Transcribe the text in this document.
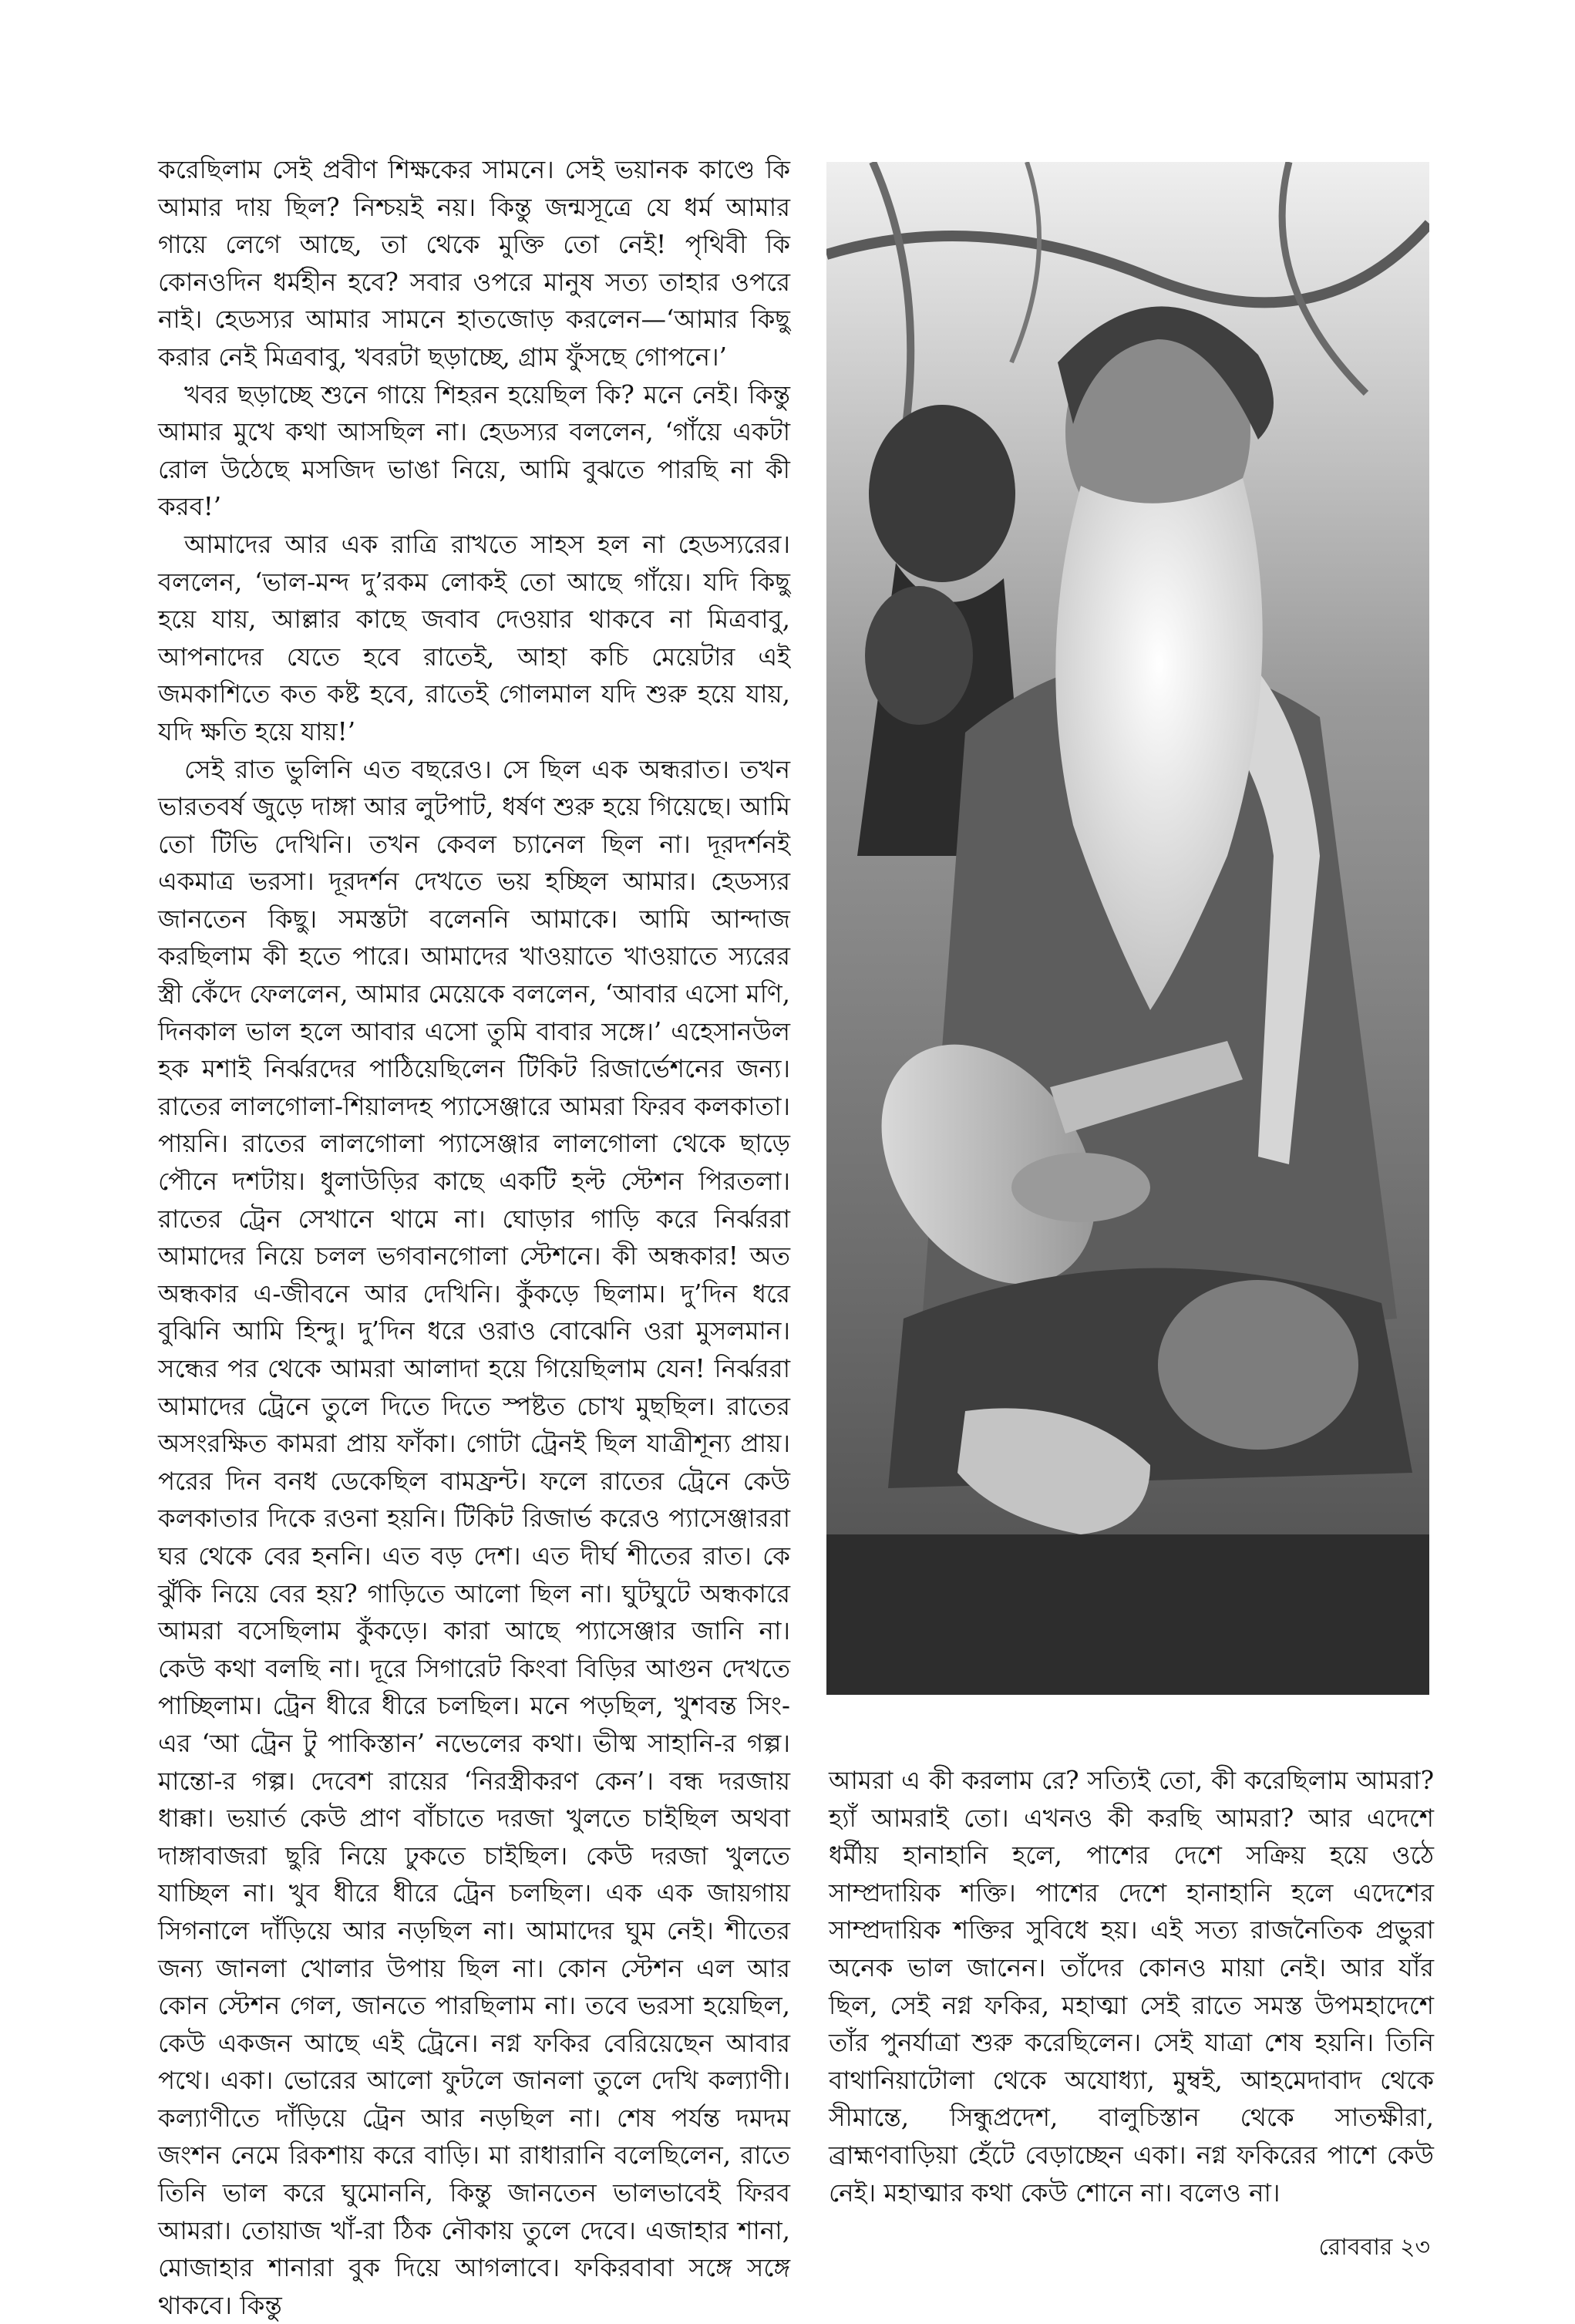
করেছিলাম সেই প্রবীণ শিক্ষকের সামনে। সেই ভয়ানক কাণ্ডে কি আমার দায় ছিল? নিশ্চয়ই নয়। কিন্তু জন্মসূত্রে যে ধর্ম আমার গায়ে লেগে আছে, তা থেকে মুক্তি তো নেই! পৃথিবী কি কোনওদিন ধর্মহীন হবে? সবার ওপরে মানুষ সত্য তাহার ওপরে নাই। হেডস্যর আমার সামনে হাতজোড় করলেন—‘আমার কিছু করার নেই মিত্রবাবু, খবরটা ছড়াচ্ছে, গ্রাম ফুঁসছে গোপনে।’

খবর ছড়াচ্ছে শুনে গায়ে শিহরন হয়েছিল কি? মনে নেই। কিন্তু আমার মুখে কথা আসছিল না। হেডস্যর বললেন, ‘গাঁয়ে একটা রোল উঠেছে মসজিদ ভাঙা নিয়ে, আমি বুঝতে পারছি না কী করব!’

আমাদের আর এক রাত্রি রাখতে সাহস হল না হেডস্যরের। বললেন, ‘ভাল-মন্দ দু’রকম লোকই তো আছে গাঁয়ে। যদি কিছু হয়ে যায়, আল্লার কাছে জবাব দেওয়ার থাকবে না মিত্রবাবু, আপনাদের যেতে হবে রাতেই, আহা কচি মেয়েটার এই জমকাশিতে কত কষ্ট হবে, রাতেই গোলমাল যদি শুরু হয়ে যায়, যদি ক্ষতি হয়ে যায়!’

সেই রাত ভুলিনি এত বছরেও। সে ছিল এক অন্ধরাত। তখন ভারতবর্ষ জুড়ে দাঙ্গা আর লুটপাট, ধর্ষণ শুরু হয়ে গিয়েছে। আমি তো টিভি দেখিনি। তখন কেবল চ্যানেল ছিল না। দূরদর্শনই একমাত্র ভরসা। দূরদর্শন দেখতে ভয় হচ্ছিল আমার। হেডস্যর জানতেন কিছু। সমস্তটা বলেননি আমাকে। আমি আন্দাজ করছিলাম কী হতে পারে। আমাদের খাওয়াতে খাওয়াতে স্যরের স্ত্রী কেঁদে ফেললেন, আমার মেয়েকে বললেন, ‘আবার এসো মণি, দিনকাল ভাল হলে আবার এসো তুমি বাবার সঙ্গে।’ এহেসানউল হক মশাই নির্ঝরদের পাঠিয়েছিলেন টিকিট রিজার্ভেশনের জন্য। রাতের লালগোলা-শিয়ালদহ প্যাসেঞ্জারে আমরা ফিরব কলকাতা। পায়নি। রাতের লালগোলা প্যাসেঞ্জার লালগোলা থেকে ছাড়ে পৌনে দশটায়। ধুলাউড়ির কাছে একটি হল্ট স্টেশন পিরতলা। রাতের ট্রেন সেখানে থামে না। ঘোড়ার গাড়ি করে নির্ঝররা আমাদের নিয়ে চলল ভগবানগোলা স্টেশনে। কী অন্ধকার! অত অন্ধকার এ-জীবনে আর দেখিনি। কুঁকড়ে ছিলাম। দু’দিন ধরে বুঝিনি আমি হিন্দু। দু’দিন ধরে ওরাও বোঝেনি ওরা মুসলমান। সন্ধের পর থেকে আমরা আলাদা হয়ে গিয়েছিলাম যেন! নির্ঝররা আমাদের ট্রেনে তুলে দিতে দিতে স্পষ্টত চোখ মুছছিল। রাতের অসংরক্ষিত কামরা প্রায় ফাঁকা। গোটা ট্রেনই ছিল যাত্রীশূন্য প্রায়। পরের দিন বনধ ডেকেছিল বামফ্রন্ট। ফলে রাতের ট্রেনে কেউ কলকাতার দিকে রওনা হয়নি। টিকিট রিজার্ভ করেও প্যাসেঞ্জাররা ঘর থেকে বের হননি। এত বড় দেশ। এত দীর্ঘ শীতের রাত। কে ঝুঁকি নিয়ে বের হয়? গাড়িতে আলো ছিল না। ঘুটঘুটে অন্ধকারে আমরা বসেছিলাম কুঁকড়ে। কারা আছে প্যাসেঞ্জার জানি না। কেউ কথা বলছি না। দূরে সিগারেট কিংবা বিড়ির আগুন দেখতে পাচ্ছিলাম। ট্রেন ধীরে ধীরে চলছিল। মনে পড়ছিল, খুশবন্ত সিং-এর ‘আ ট্রেন টু পাকিস্তান’ নভেলের কথা। ভীষ্ম সাহানি-র গল্প। মান্তো-র গল্প। দেবেশ রায়ের ‘নিরস্ত্রীকরণ কেন’। বন্ধ দরজায় ধাক্কা। ভয়ার্ত কেউ প্রাণ বাঁচাতে দরজা খুলতে চাইছিল অথবা দাঙ্গাবাজরা ছুরি নিয়ে ঢুকতে চাইছিল। কেউ দরজা খুলতে যাচ্ছিল না। খুব ধীরে ধীরে ট্রেন চলছিল। এক এক জায়গায় সিগনালে দাঁড়িয়ে আর নড়ছিল না। আমাদের ঘুম নেই। শীতের জন্য জানলা খোলার উপায় ছিল না। কোন স্টেশন এল আর কোন স্টেশন গেল, জানতে পারছিলাম না। তবে ভরসা হয়েছিল, কেউ একজন আছে এই ট্রেনে। নগ্ন ফকির বেরিয়েছেন আবার পথে। একা। ভোরের আলো ফুটলে জানলা তুলে দেখি কল্যাণী। কল্যাণীতে দাঁড়িয়ে ট্রেন আর নড়ছিল না। শেষ পর্যন্ত দমদম জংশন নেমে রিকশায় করে বাড়ি। মা রাধারানি বলেছিলেন, রাতে তিনি ভাল করে ঘুমোননি, কিন্তু জানতেন ভালভাবেই ফিরব আমরা। তোয়াজ খাঁ-রা ঠিক নৌকায় তুলে দেবে। এজাহার শানা, মোজাহার শানারা বুক দিয়ে আগলাবে। ফকিরবাবা সঙ্গে সঙ্গে থাকবে। কিন্তু

আমরা এ কী করলাম রে? সত্যিই তো, কী করেছিলাম আমরা? হ্যাঁ আমরাই তো। এখনও কী করছি আমরা? আর এদেশে ধর্মীয় হানাহানি হলে, পাশের দেশে সক্রিয় হয়ে ওঠে সাম্প্রদায়িক শক্তি। পাশের দেশে হানাহানি হলে এদেশের সাম্প্রদায়িক শক্তির সুবিধে হয়। এই সত্য রাজনৈতিক প্রভুরা অনেক ভাল জানেন। তাঁদের কোনও মায়া নেই। আর যাঁর ছিল, সেই নগ্ন ফকির, মহাত্মা সেই রাতে সমস্ত উপমহাদেশে তাঁর পুনর্যাত্রা শুরু করেছিলেন। সেই যাত্রা শেষ হয়নি। তিনি বাথানিয়াটোলা থেকে অযোধ্যা, মুম্বই, আহমেদাবাদ থেকে সীমান্তে, সিন্ধুপ্রদেশ, বালুচিস্তান থেকে সাতক্ষীরা, ব্রাহ্মণবাড়িয়া হেঁটে বেড়াচ্ছেন একা। নগ্ন ফকিরের পাশে কেউ নেই। মহাত্মার কথা কেউ শোনে না। বলেও না।

রোববার ২৩
